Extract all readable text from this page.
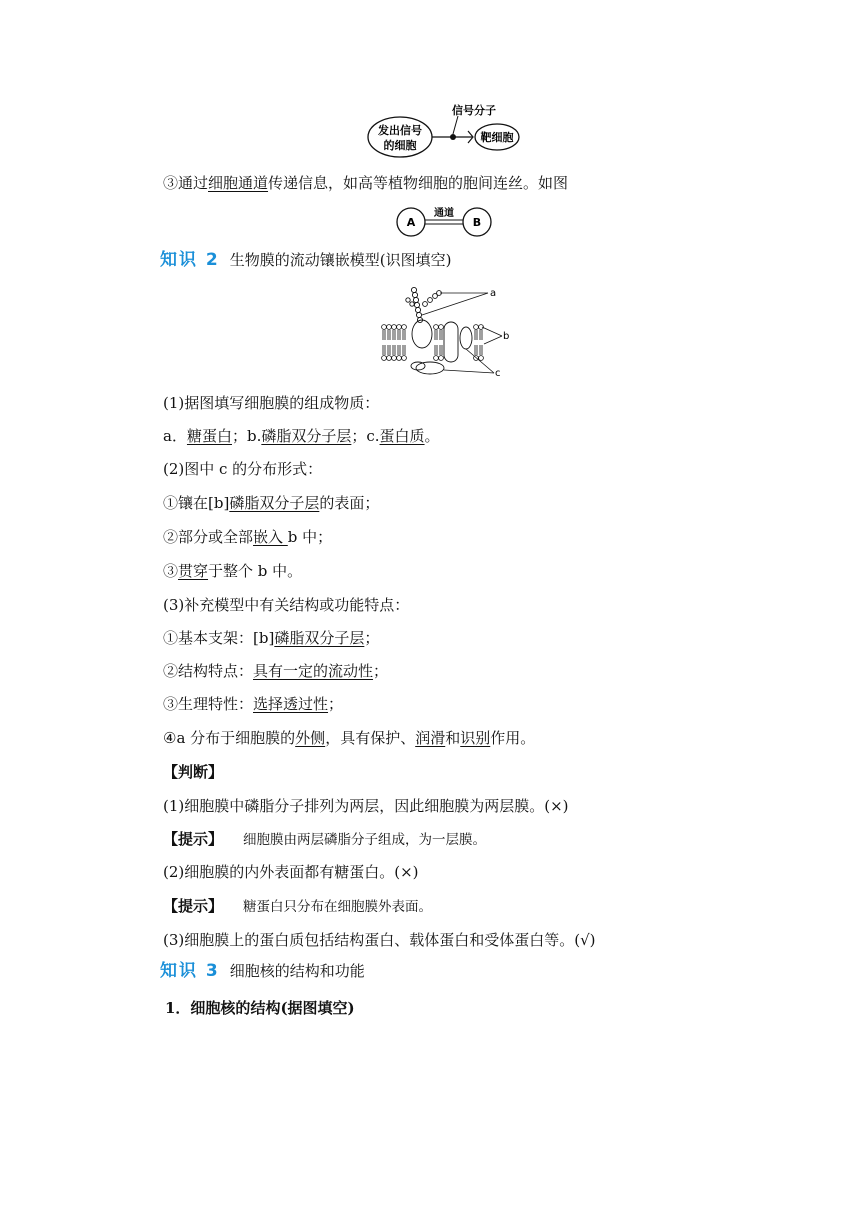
发出信号
的细胞
信号分子
靶细胞
③通过细胞通道传递信息，如高等植物细胞的胞间连丝。如图
A	B
通道
知识 2 生物膜的流动镶嵌模型(识图填空)
a
b
c
(1)据图填写细胞膜的组成物质：
a．糖蛋白；b.磷脂双分子层；c.蛋白质。
(2)图中 c 的分布形式：
①镶在[b]磷脂双分子层的表面；
②部分或全部嵌入 b 中；
③贯穿于整个 b 中。
(3)补充模型中有关结构或功能特点：
①基本支架：[b]磷脂双分子层；
②结构特点：具有一定的流动性；
③生理特性：选择透过性；
④a 分布于细胞膜的外侧，具有保护、润滑和识别作用。
【判断】
(1)细胞膜中磷脂分子排列为两层，因此细胞膜为两层膜。(×)
【提示】 细胞膜由两层磷脂分子组成，为一层膜。
(2)细胞膜的内外表面都有糖蛋白。(×)
【提示】 糖蛋白只分布在细胞膜外表面。
(3)细胞膜上的蛋白质包括结构蛋白、载体蛋白和受体蛋白等。(√)
知识 3 细胞核的结构和功能
1．细胞核的结构(据图填空)
